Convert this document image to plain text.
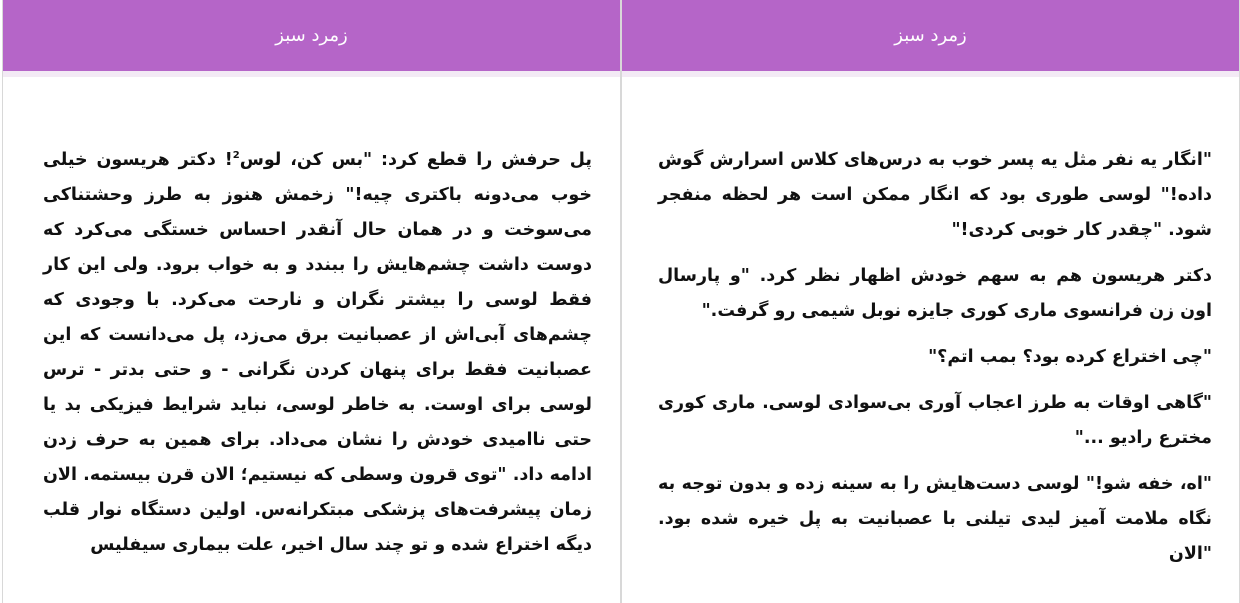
زمرد سبز

"انگار یه نفر مثل یه پسر خوب به درس‌های کلاس اسرارش گوش داده!" لوسی طوری بود که انگار ممکن است هر لحظه منفجر شود. "چقدر کار خوبی کردی!"

دکتر هریسون هم به سهم خودش اظهار نظر کرد. "و پارسال اون زن فرانسوی ماری کوری جایزه نوبل شیمی رو گرفت."

"چی اختراع کرده بود؟ بمب اتم؟"

"گاهی اوقات به طرز اعجاب آوری بی‌سوادی لوسی. ماری کوری مخترع رادیو ..."

"اه، خفه شو!" لوسی دست‌هایش را به سینه زده و بدون توجه به نگاه ملامت آمیز لیدی تیلنی با عصبانیت به پل خیره شده بود. "الان

زمرد سبز

پل حرفش را قطع کرد: "بس کن، لوس$^2$! دکتر هریسون خیلی خوب می‌دونه باکتری چیه!" زخمش هنوز به طرز وحشتناکی می‌سوخت و در همان حال آنقدر احساس خستگی می‌کرد که دوست داشت چشم‌هایش را ببندد و به خواب برود. ولی این کار فقط لوسی را بیشتر نگران و نارحت می‌کرد. با وجودی که چشم‌های آبی‌اش از عصبانیت برق می‌زد، پل می‌دانست که این عصبانیت فقط برای پنهان کردن نگرانی - و حتی بدتر - ترس لوسی برای اوست. به خاطر لوسی، نباید شرایط فیزیکی بد یا حتی ناامیدی خودش را نشان می‌داد. برای همین به حرف زدن ادامه داد. "توی قرون وسطی که نیستیم؛ الان قرن بیستمه. الان زمان پیشرفت‌های پزشکی مبتکرانه‌س. اولین دستگاه نوار قلب دیگه اختراع شده و تو چند سال اخیر، علت بیماری سیفلیس
